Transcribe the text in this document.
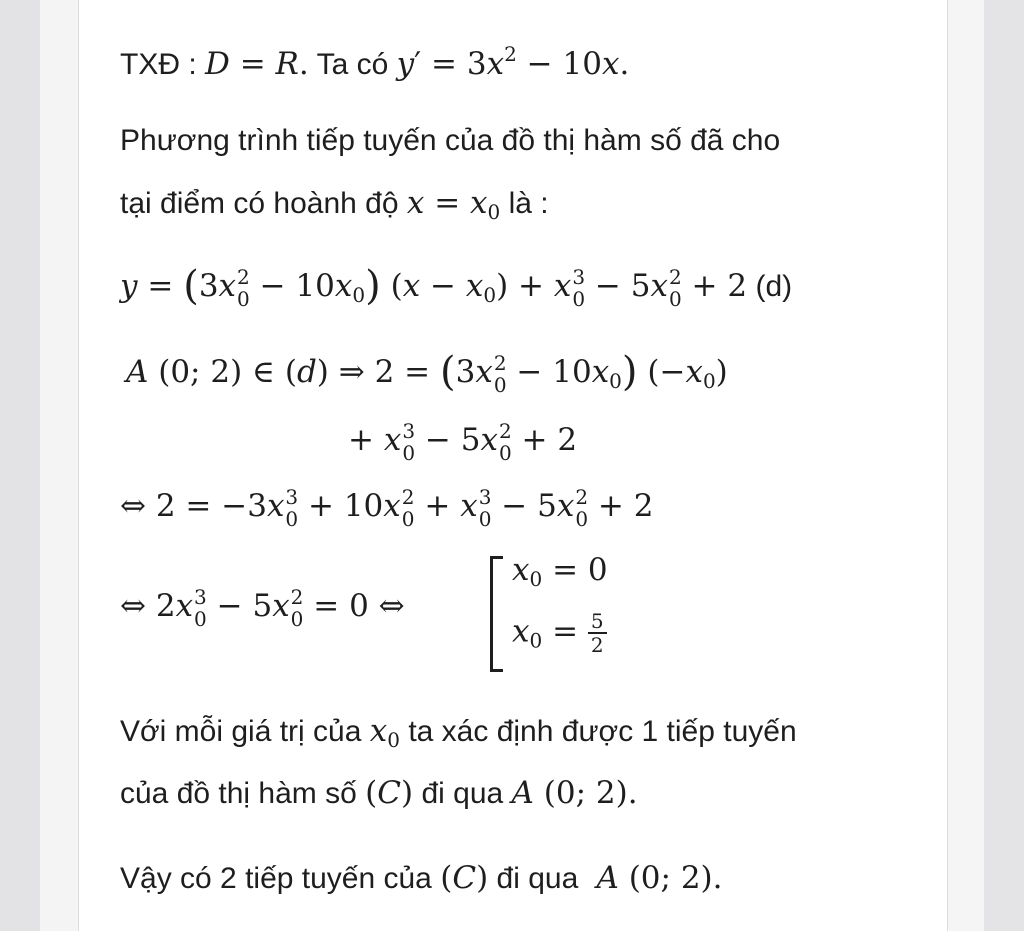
TXĐ : D = R. Ta có $y' = 3x^2 - 10x$.
Phương trình tiếp tuyến của đồ thị hàm số đã cho
tại điểm có hoành độ $x = x_0$ là :
y = (3x 2
$0 - 10x_0$) $(x - x_0) + x$ 3
0 − 5x 2
0 + 2 (d)
A (0; 2) ∈ (d) ⇒ 2 = (3x 2
$0 - 10x_0$) $(-x_0)$
+ x 3
0 − 5x 2
0 + 2
⇔ 2 = −3x 3
0 + 10x 2
0 + x 3
0 − 5x 2
0 + 2
⇔ 2x 3
0 − 5x 2
0 = 0 ⇔
$x_0 = 0$
$x_0 = \frac{5}{2}$
Với mỗi giá trị của $x_0$ ta xác định được 1 tiếp tuyến
của đồ thị hàm số (C) đi qua A (0; 2).
Vậy có 2 tiếp tuyến của (C) đi qua A (0; 2).
